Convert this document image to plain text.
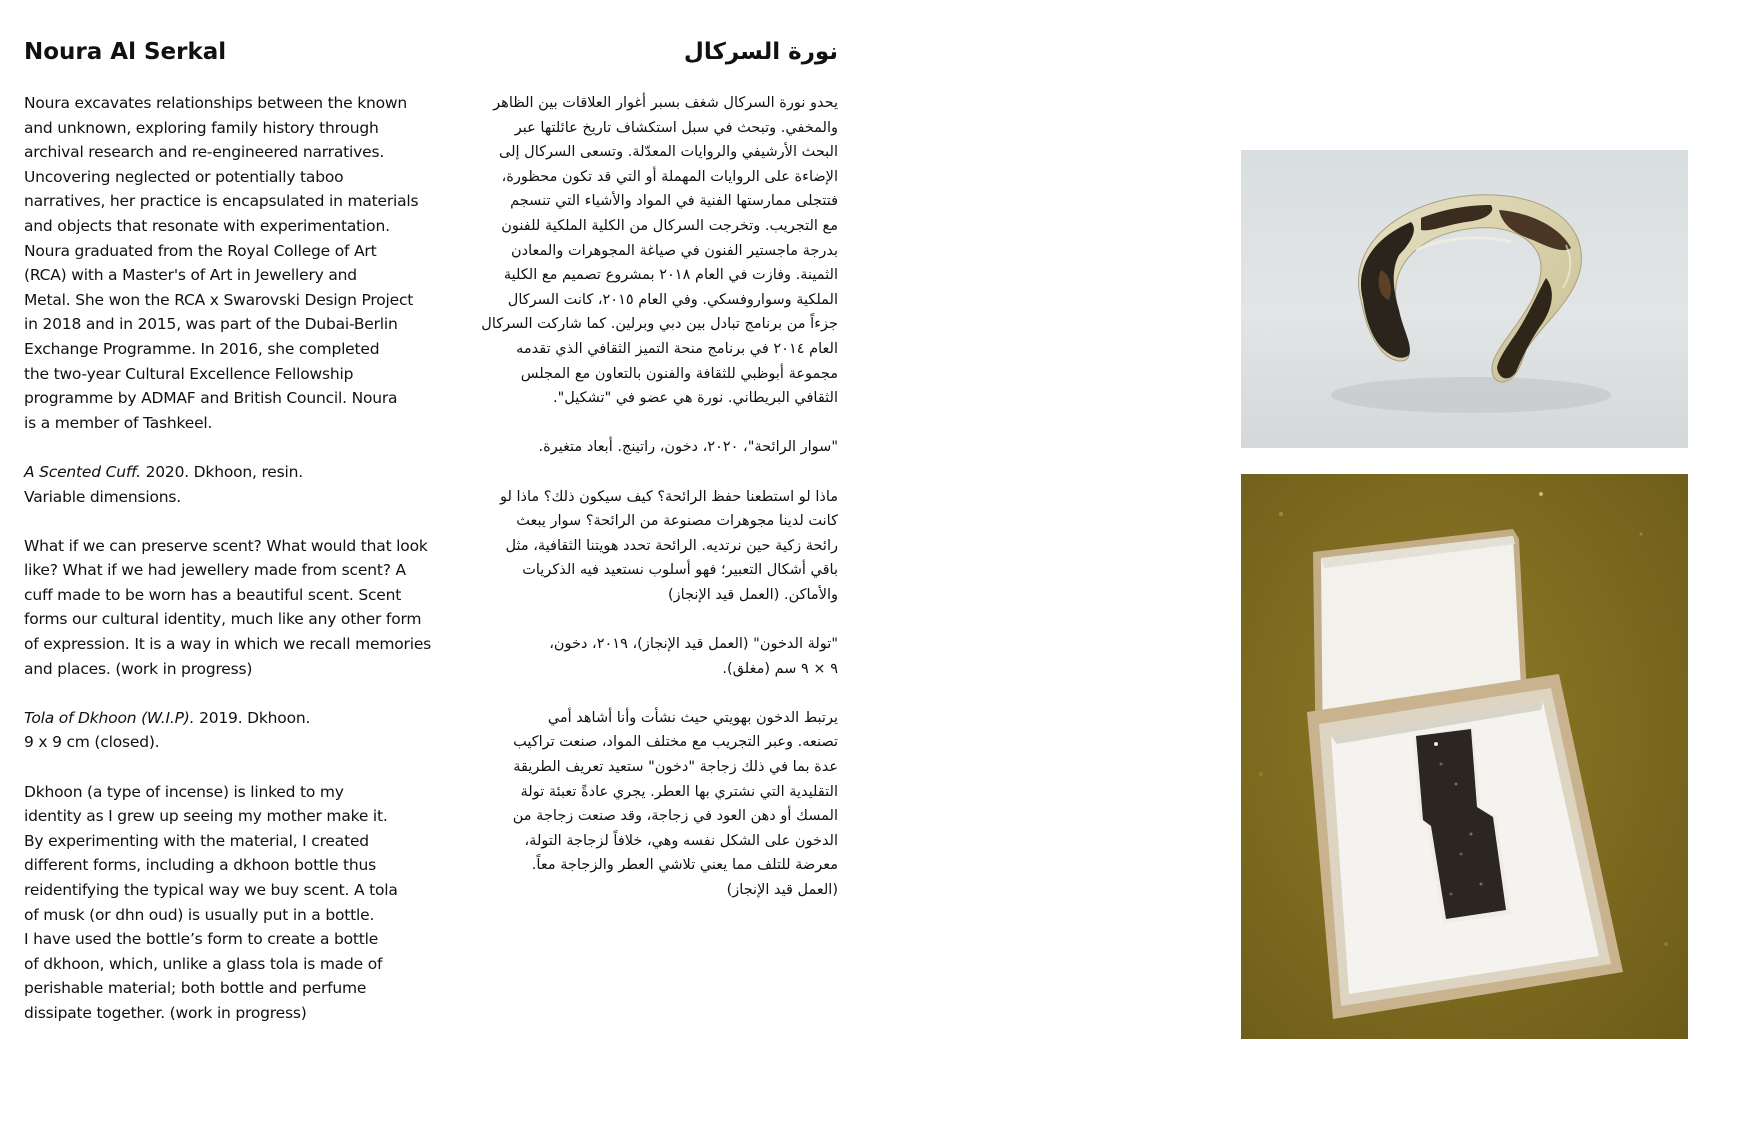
Noura Al Serkal
Noura excavates relationships between the known
and unknown, exploring family history through
archival research and re-engineered narratives.
Uncovering neglected or potentially taboo
narratives, her practice is encapsulated in materials
and objects that resonate with experimentation.
Noura graduated from the Royal College of Art
(RCA) with a Master's of Art in Jewellery and
Metal. She won the RCA x Swarovski Design Project
in 2018 and in 2015, was part of the Dubai-Berlin
Exchange Programme. In 2016, she completed
the two-year Cultural Excellence Fellowship
programme by ADMAF and British Council. Noura
is a member of Tashkeel.
A Scented Cuff. 2020. Dkhoon, resin.
Variable dimensions.
What if we can preserve scent? What would that look
like? What if we had jewellery made from scent? A
cuff made to be worn has a beautiful scent. Scent
forms our cultural identity, much like any other form
of expression. It is a way in which we recall memories
and places. (work in progress)
Tola of Dkhoon (W.I.P). 2019. Dkhoon.
9 x 9 cm (closed).
Dkhoon (a type of incense) is linked to my
identity as I grew up seeing my mother make it.
By experimenting with the material, I created
different forms, including a dkhoon bottle thus
reidentifying the typical way we buy scent. A tola
of musk (or dhn oud) is usually put in a bottle.
I have used the bottle’s form to create a bottle
of dkhoon, which, unlike a glass tola is made of
perishable material; both bottle and perfume
dissipate together. (work in progress)
نورة السركال
يحدو نورة السركال شغف بسبر أغوار العلاقات بين الظاهر
والمخفي. وتبحث في سبل استكشاف تاريخ عائلتها عبر
البحث الأرشيفي والروايات المعدّلة. وتسعى السركال إلى
الإضاءة على الروايات المهملة أو التي قد تكون محظورة،
فتتجلى ممارستها الفنية في المواد والأشياء التي تنسجم
مع التجريب. وتخرجت السركال من الكلية الملكية للفنون
بدرجة ماجستير الفنون في صياغة المجوهرات والمعادن
الثمينة. وفازت في العام ٢٠١٨ بمشروع تصميم مع الكلية
الملكية وسواروفسكي. وفي العام ٢٠١٥، كانت السركال
جزءاً من برنامج تبادل بين دبي وبرلين. كما شاركت السركال
العام ٢٠١٤ في برنامج منحة التميز الثقافي الذي تقدمه
مجموعة أبوظبي للثقافة والفنون بالتعاون مع المجلس
الثقافي البريطاني. نورة هي عضو في "تشكيل".
"سوار الرائحة"، ٢٠٢٠، دخون، راتينج. أبعاد متغيرة.
ماذا لو استطعنا حفظ الرائحة؟ كيف سيكون ذلك؟ ماذا لو
كانت لدينا مجوهرات مصنوعة من الرائحة؟ سوار يبعث
رائحة زكية حين نرتديه. الرائحة تحدد هويتنا الثقافية، مثل
باقي أشكال التعبير؛ فهو أسلوب نستعيد فيه الذكريات
والأماكن. (العمل قيد الإنجاز)
"تولة الدخون" (العمل قيد الإنجاز)، ٢٠١٩، دخون،
٩ × ٩ سم (مغلق).
يرتبط الدخون بهويتي حيث نشأت وأنا أشاهد أمي
تصنعه. وعبر التجريب مع مختلف المواد، صنعت تراكيب
عدة بما في ذلك زجاجة "دخون" ستعيد تعريف الطريقة
التقليدية التي نشتري بها العطر. يجري عادةً تعبئة تولة
المسك أو دهن العود في زجاجة، وقد صنعت زجاجة من
الدخون على الشكل نفسه وهي، خلافاً لزجاجة التولة،
معرضة للتلف مما يعني تلاشي العطر والزجاجة معاً.
(العمل قيد الإنجاز)
